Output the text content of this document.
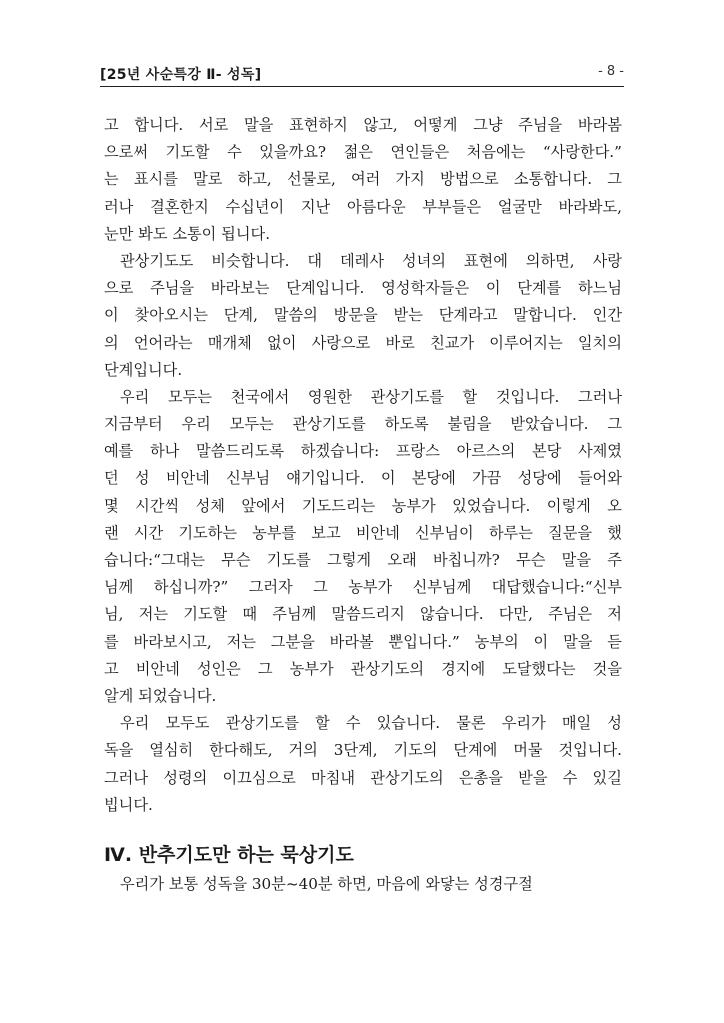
[25년 사순특강 Ⅱ- 성독]	- 8 -
고 합니다. 서로 말을 표현하지 않고, 어떻게 그냥 주님을 바라봄
으로써 기도할 수 있을까요? 젊은 연인들은 처음에는 “사랑한다.”
는 표시를 말로 하고, 선물로, 여러 가지 방법으로 소통합니다. 그
러나 결혼한지 수십년이 지난 아름다운 부부들은 얼굴만 바라봐도,
눈만 봐도 소통이 됩니다.
관상기도도 비슷합니다. 대 데레사 성녀의 표현에 의하면, 사랑
으로 주님을 바라보는 단계입니다. 영성학자들은 이 단계를 하느님
이 찾아오시는 단계, 말씀의 방문을 받는 단계라고 말합니다. 인간
의 언어라는 매개체 없이 사랑으로 바로 친교가 이루어지는 일치의
단계입니다.
우리 모두는 천국에서 영원한 관상기도를 할 것입니다. 그러나
지금부터 우리 모두는 관상기도를 하도록 불림을 받았습니다. 그
예를 하나 말씀드리도록 하겠습니다: 프랑스 아르스의 본당 사제였
던 성 비안네 신부님 얘기입니다. 이 본당에 가끔 성당에 들어와
몇 시간씩 성체 앞에서 기도드리는 농부가 있었습니다. 이렇게 오
랜 시간 기도하는 농부를 보고 비안네 신부님이 하루는 질문을 했
습니다:“그대는 무슨 기도를 그렇게 오래 바칩니까? 무슨 말을 주
님께 하십니까?” 그러자 그 농부가 신부님께 대답했습니다:“신부
님, 저는 기도할 때 주님께 말씀드리지 않습니다. 다만, 주님은 저
를 바라보시고, 저는 그분을 바라볼 뿐입니다.” 농부의 이 말을 듣
고 비안네 성인은 그 농부가 관상기도의 경지에 도달했다는 것을
알게 되었습니다.
우리 모두도 관상기도를 할 수 있습니다. 물론 우리가 매일 성
독을 열심히 한다해도, 거의 3단계, 기도의 단계에 머물 것입니다.
그러나 성령의 이끄심으로 마침내 관상기도의 은총을 받을 수 있길
빕니다.
Ⅳ. 반추기도만 하는 묵상기도
우리가 보통 성독을 30분~40분 하면, 마음에 와닿는 성경구절
